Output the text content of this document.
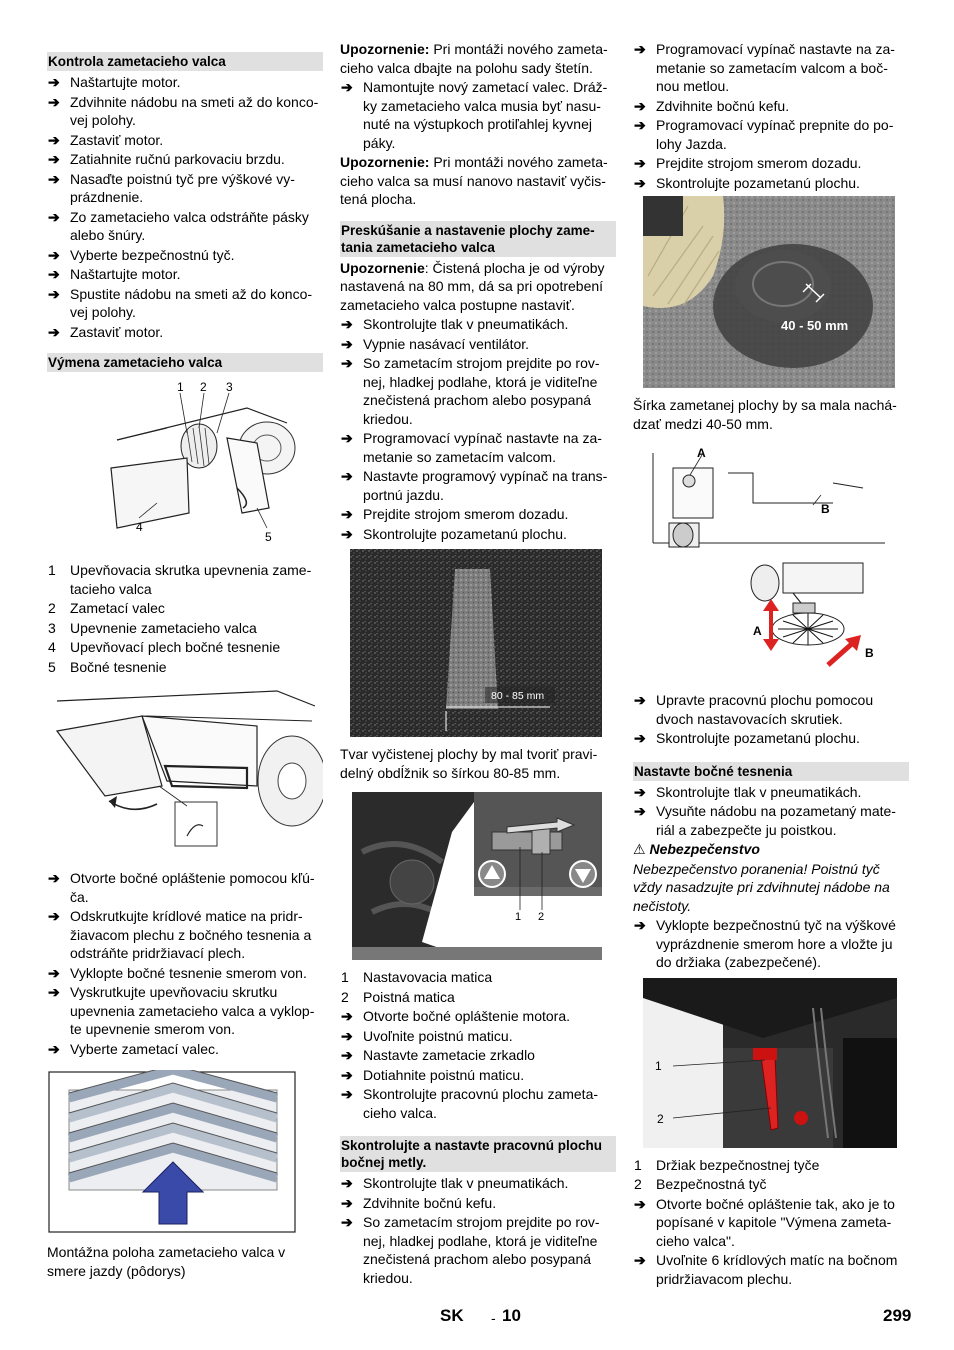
Kontrola zametacieho valca
➔ Naštartujte motor.
➔ Zdvihnite nádobu na smeti až do konco-vej polohy.
➔ Zastaviť motor.
➔ Zatiahnite ručnú parkovaciu brzdu.
➔ Nasaďte poistnú tyč pre výškové vy-prázdnenie.
➔ Zo zametacieho valca odstráňte pásky alebo šnúry.
➔ Vyberte bezpečnostnú tyč.
➔ Naštartujte motor.
➔ Spustite nádobu na smeti až do konco-vej polohy.
➔ Zastaviť motor.
Výmena zametacieho valca
1 2 3
4
5
1 Upevňovacia skrutka upevnenia zame-tacieho valca
2 Zametací valec
3 Upevnenie zametacieho valca
4 Upevňovací plech bočné tesnenie
5 Bočné tesnenie
➔ Otvorte bočné opláštenie pomocou kľú-ča.
➔ Odskrutkujte krídlové matice na pridr-žiavacom plechu z bočného tesnenia a odstráňte pridržiavací plech.
➔ Vyklopte bočné tesnenie smerom von.
➔ Vyskrutkujte upevňovaciu skrutku upevnenia zametacieho valca a vyklop-te upevnenie smerom von.
➔ Vyberte zametací valec.

Montážna poloha zametacieho valca v smere jazdy (pôdorys)

Upozornenie: Pri montáži nového zameta-cieho valca dbajte na polohu sady štetín.

➔ Namontujte nový zametací valec. Dráž-ky zametacieho valca musia byť nasu-nuté na výstupkoch protiľahlej kyvnej páky.

Upozornenie: Pri montáži nového zameta-cieho valca sa musí nanovo nastaviť vyčis-tená plocha.

Preskúšanie a nastavenie plochy zame-tania zametacieho valca

Upozornenie: Čistená plocha je od výroby nastavená na 80 mm, dá sa pri opotrebení zametacieho valca postupne nastaviť.

➔ Skontrolujte tlak v pneumatikách.
➔ Vypnie nasávací ventilátor.
➔ So zametacím strojom prejdite po rov-nej, hladkej podlahe, ktorá je viditeľne znečistená prachom alebo posypaná kriedou.
➔ Programovací vypínač nastavte na za-metanie so zametacím valcom.
➔ Nastavte programový vypínač na trans-portnú jazdu.
➔ Prejdite strojom smerom dozadu.
➔ Skontrolujte pozametanú plochu.
80 - 85 mm

Tvar vyčistenej plochy by mal tvoriť pravi-delný obdĺžnik so šírkou 80-85 mm.

1 2
1 Nastavovacia matica
2 Poistná matica
➔ Otvorte bočné opláštenie motora.
➔ Uvoľnite poistnú maticu.
➔ Nastavte zametacie zrkadlo
➔ Dotiahnite poistnú maticu.
➔ Skontrolujte pracovnú plochu zameta-cieho valca.
Skontrolujte a nastavte pracovnú plochu bočnej metly.
➔ Skontrolujte tlak v pneumatikách.
➔ Zdvihnite bočnú kefu.
➔ So zametacím strojom prejdite po rov-nej, hladkej podlahe, ktorá je viditeľne znečistená prachom alebo posypaná kriedou.
➔ Programovací vypínač nastavte na za-metanie so zametacím valcom a boč-nou metlou.
➔ Zdvihnite bočnú kefu.
➔ Programovací vypínač prepnite do po-lohy Jazda.
➔ Prejdite strojom smerom dozadu.
➔ Skontrolujte pozametanú plochu.
40 - 50 mm

Šírka zametanej plochy by sa mala nachá-dzať medzi 40-50 mm.

A
B
A
B
➔ Upravte pracovnú plochu pomocou dvoch nastavovacích skrutiek.
➔ Skontrolujte pozametanú plochu.
Nastavte bočné tesnenia
➔ Skontrolujte tlak v pneumatikách.
➔ Vysuňte nádobu na pozametaný mate-riál a zabezpečte ju poistkou.

⚠ Nebezpečenstvo

Nebezpečenstvo poranenia! Poistnú tyč vždy nasadzujte pri zdvihnutej nádobe na nečistoty.

➔ Vyklopte bezpečnostnú tyč na výškové vyprázdnenie smerom hore a vložte ju do držiaka (zabezpečené).
1
2
1 Držiak bezpečnostnej tyče
2 Bezpečnostná tyč
➔ Otvorte bočné opláštenie tak, ako je to popísané v kapitole "Výmena zameta-cieho valca".
➔ Uvoľnite 6 krídlových matíc na bočnom pridržiavacom plechu.
SK - 10	299
